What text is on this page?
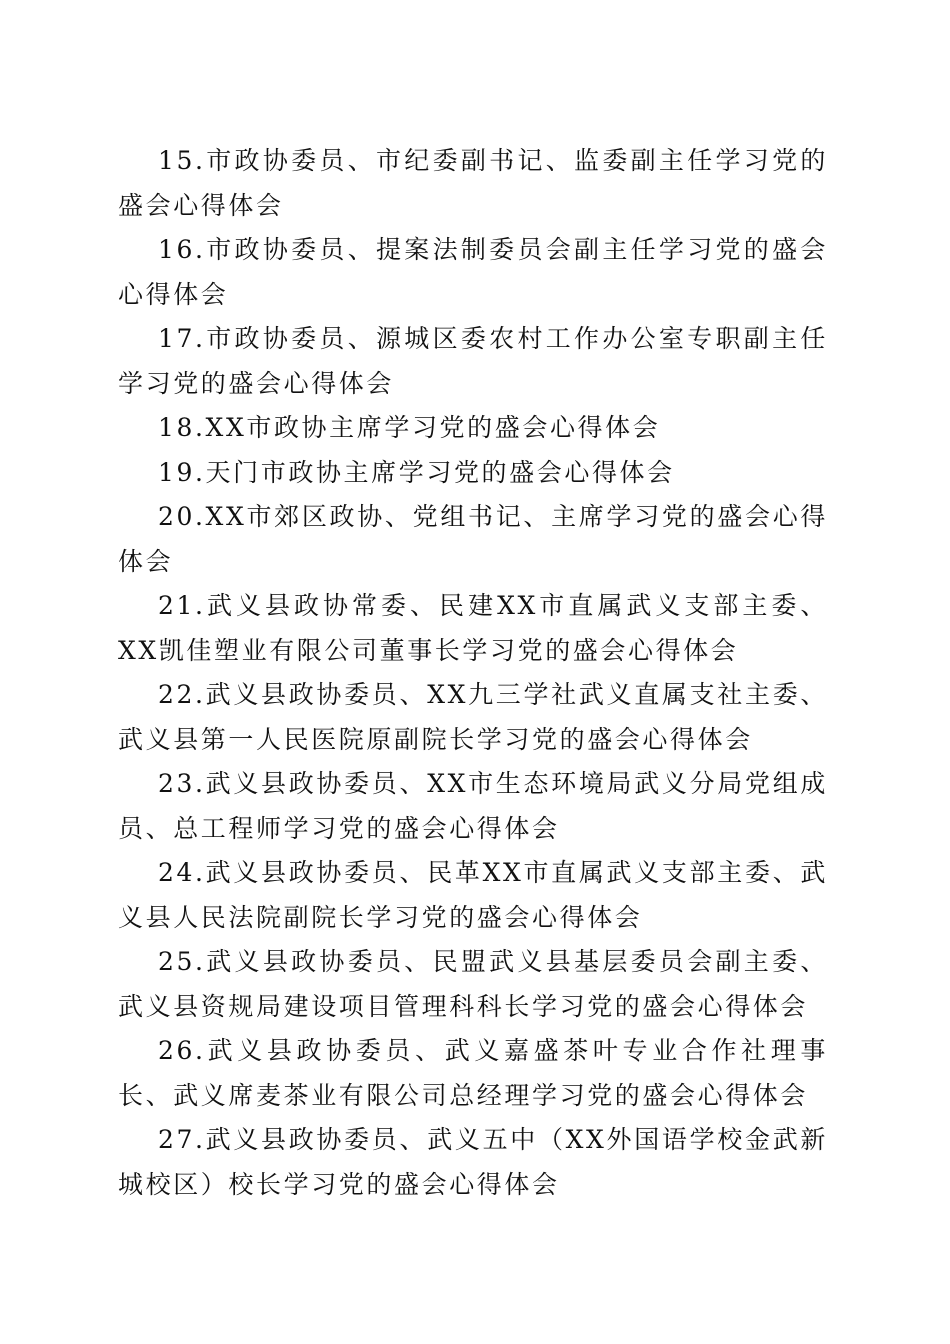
15.市政协委员、市纪委副书记、监委副主任学习党的盛会心得体会

16.市政协委员、提案法制委员会副主任学习党的盛会心得体会

17.市政协委员、源城区委农村工作办公室专职副主任学习党的盛会心得体会

18.XX市政协主席学习党的盛会心得体会

19.天门市政协主席学习党的盛会心得体会

20.XX市郊区政协、党组书记、主席学习党的盛会心得体会

21.武义县政协常委、民建XX市直属武义支部主委、XX凯佳塑业有限公司董事长学习党的盛会心得体会

22.武义县政协委员、XX九三学社武义直属支社主委、武义县第一人民医院原副院长学习党的盛会心得体会

23.武义县政协委员、XX市生态环境局武义分局党组成员、总工程师学习党的盛会心得体会

24.武义县政协委员、民革XX市直属武义支部主委、武义县人民法院副院长学习党的盛会心得体会

25.武义县政协委员、民盟武义县基层委员会副主委、武义县资规局建设项目管理科科长学习党的盛会心得体会

26.武义县政协委员、武义嘉盛茶叶专业合作社理事长、武义席麦茶业有限公司总经理学习党的盛会心得体会

27.武义县政协委员、武义五中（XX外国语学校金武新城校区）校长学习党的盛会心得体会
